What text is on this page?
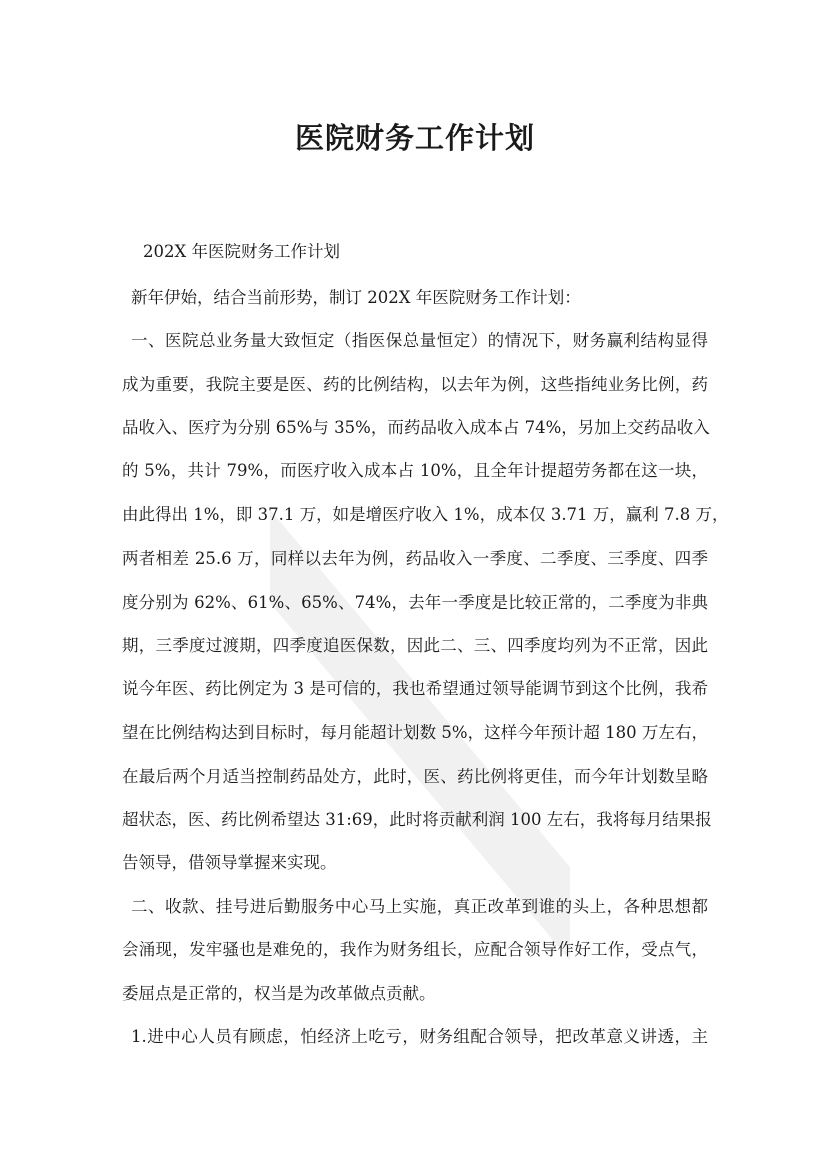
医院财务工作计划
202X 年医院财务工作计划
新年伊始，结合当前形势，制订 202X 年医院财务工作计划：
一、医院总业务量大致恒定（指医保总量恒定）的情况下，财务赢利结构显得
成为重要，我院主要是医、药的比例结构，以去年为例，这些指纯业务比例，药
品收入、医疗为分别 65%与 35%，而药品收入成本占 74%，另加上交药品收入
的 5%，共计 79%，而医疗收入成本占 10%，且全年计提超劳务都在这一块，
由此得出 1%，即 37.1 万，如是增医疗收入 1%，成本仅 3.71 万，赢利 7.8 万，
两者相差 25.6 万，同样以去年为例，药品收入一季度、二季度、三季度、四季
度分别为 62%、61%、65%、74%，去年一季度是比较正常的，二季度为非典
期，三季度过渡期，四季度追医保数，因此二、三、四季度均列为不正常，因此
说今年医、药比例定为 3 是可信的，我也希望通过领导能调节到这个比例，我希
望在比例结构达到目标时，每月能超计划数 5%，这样今年预计超 180 万左右，
在最后两个月适当控制药品处方，此时，医、药比例将更佳，而今年计划数呈略
超状态，医、药比例希望达 31:69，此时将贡献利润 100 左右，我将每月结果报
告领导，借领导掌握来实现。
二、收款、挂号进后勤服务中心马上实施，真正改革到谁的头上，各种思想都
会涌现，发牢骚也是难免的，我作为财务组长，应配合领导作好工作，受点气，
委屈点是正常的，权当是为改革做点贡献。
1.进中心人员有顾虑，怕经济上吃亏，财务组配合领导，把改革意义讲透，主
